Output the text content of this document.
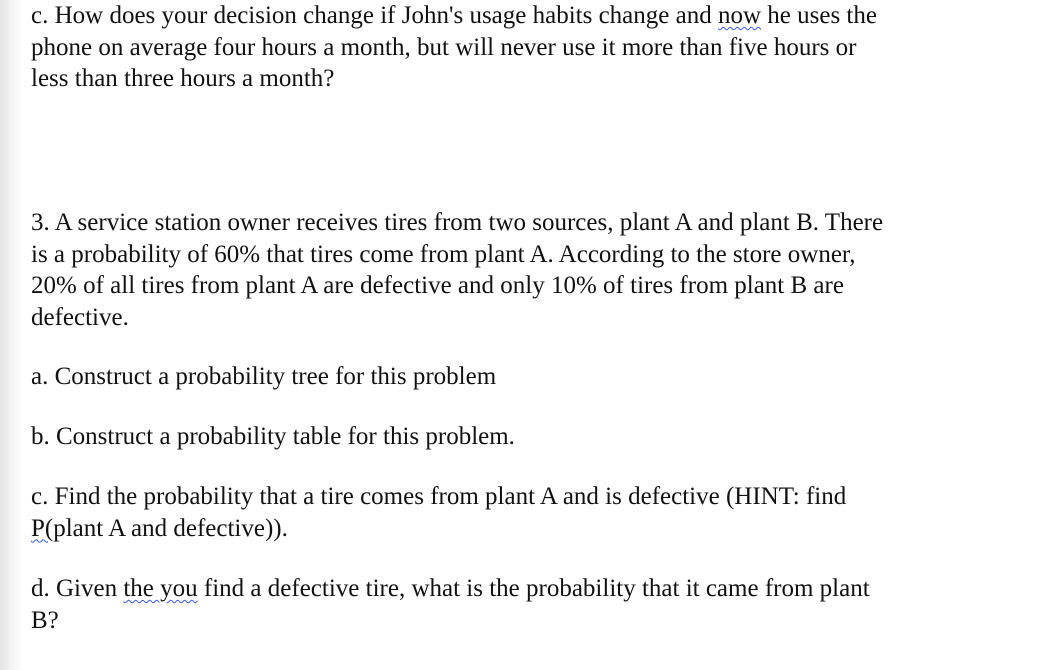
c. How does your decision change if John's usage habits change and now he uses the
phone on average four hours a month, but will never use it more than five hours or
less than three hours a month?

3. A service station owner receives tires from two sources, plant A and plant B. There
is a probability of 60% that tires come from plant A. According to the store owner,
20% of all tires from plant A are defective and only 10% of tires from plant B are
defective.

a. Construct a probability tree for this problem

b. Construct a probability table for this problem.

c. Find the probability that a tire comes from plant A and is defective (HINT: find
P(plant A and defective)).

d. Given the you find a defective tire, what is the probability that it came from plant
B?
